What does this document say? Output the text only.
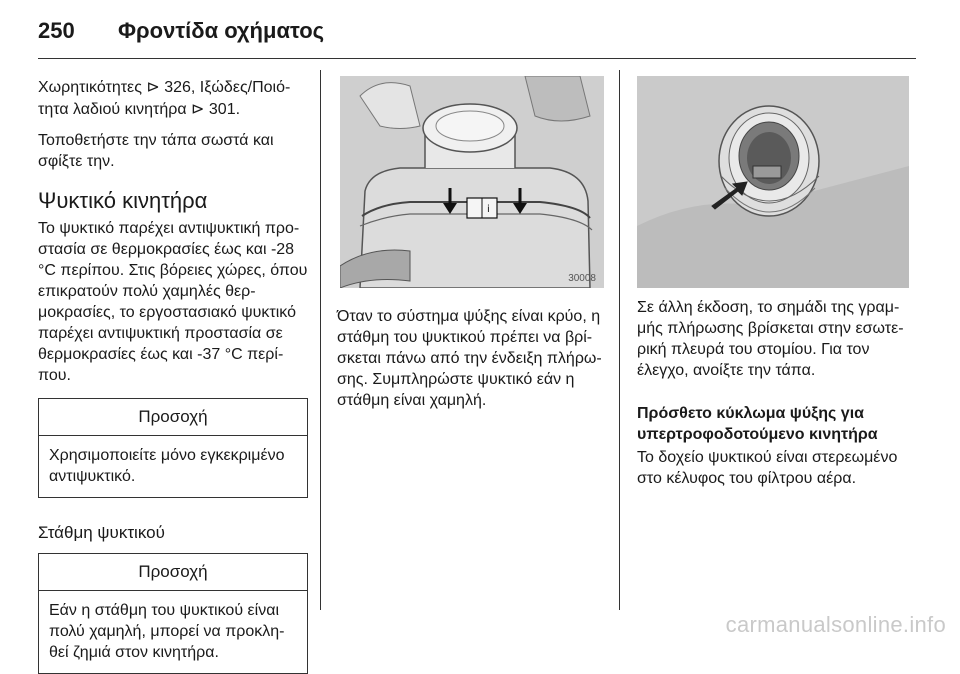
250	Φροντίδα οχήματος

Χωρητικότητες ⊳ 326, Ιξώδες/Ποιό- τητα λαδιού κινητήρα ⊳ 301.

Τοποθετήστε την τάπα σωστά και σφίξτε την.

Ψυκτικό κινητήρα

Το ψυκτικό παρέχει αντιψυκτική προ-στασία σε θερμοκρασίες έως και -28 °C περίπου. Στις βόρειες χώρες, όπου επικρατούν πολύ χαμηλές θερ-μοκρασίες, το εργοστασιακό ψυκτικό παρέχει αντιψυκτική προστασία σε θερμοκρασίες έως και -37 °C περί-που.

Προσοχή
Χρησιμοποιείτε μόνο εγκεκριμένο αντιψυκτικό.
Στάθμη ψυκτικού
Προσοχή
Εάν η στάθμη του ψυκτικού είναι πολύ χαμηλή, μπορεί να προκλη-θεί ζημιά στον κινητήρα.
i
30008

Όταν το σύστημα ψύξης είναι κρύο, η στάθμη του ψυκτικού πρέπει να βρί-σκεται πάνω από την ένδειξη πλήρω-σης. Συμπληρώστε ψυκτικό εάν η στάθμη είναι χαμηλή.

Σε άλλη έκδοση, το σημάδι της γραμ-μής πλήρωσης βρίσκεται στην εσωτε-ρική πλευρά του στομίου. Για τον έλεγχο, ανοίξτε την τάπα.

Πρόσθετο κύκλωμα ψύξης για υπερτροφοδοτούμενο κινητήρα

Το δοχείο ψυκτικού είναι στερεωμένο στο κέλυφος του φίλτρου αέρα.

carmanualsonline.info
